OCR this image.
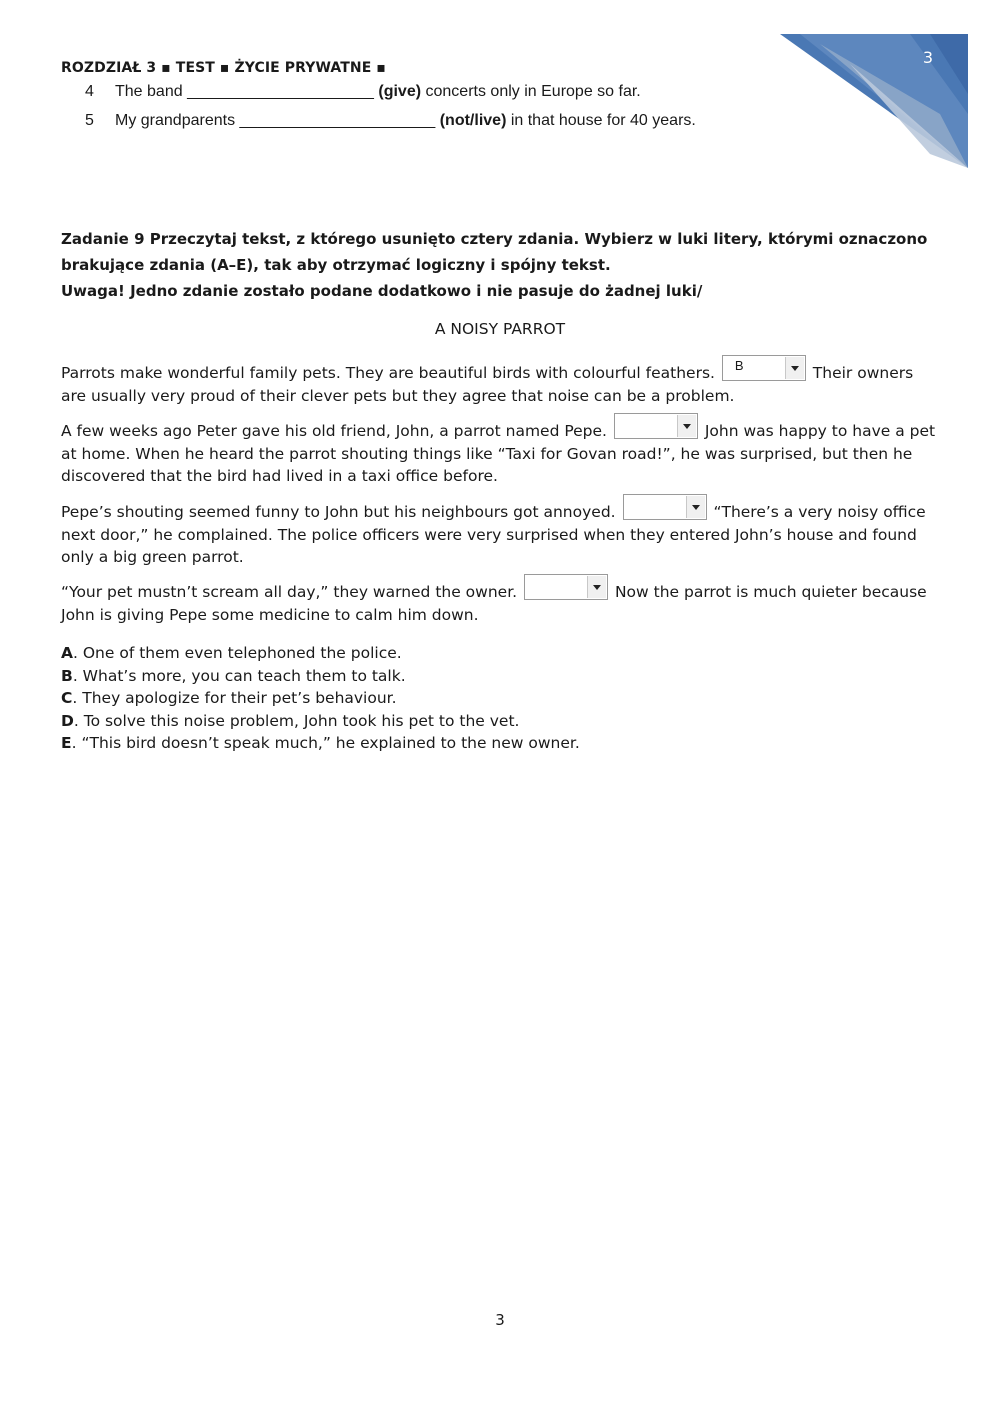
3
ROZDZIAŁ 3 ▪ TEST ▪ ŻYCIE PRYWATNE ▪
4 The band _____________________ (give) concerts only in Europe so far.
5 My grandparents ______________________ (not/live) in that house for 40 years.
Zadanie 9 Przeczytaj tekst, z którego usunięto cztery zdania. Wybierz w luki litery, którymi oznaczono brakujące zdania (A–E), tak aby otrzymać logiczny i spójny tekst.
Uwaga! Jedno zdanie zostało podane dodatkowo i nie pasuje do żadnej luki/
A NOISY PARROT
Parrots make wonderful family pets. They are beautiful birds with colourful feathers. B	Their owners are usually very proud of their clever pets but they agree that noise can be a problem.
A few weeks ago Peter gave his old friend, John, a parrot named Pepe.	John was happy to have a pet at home. When he heard the parrot shouting things like “Taxi for Govan road!”, he was surprised, but then he discovered that the bird had lived in a taxi office before.
Pepe’s shouting seemed funny to John but his neighbours got annoyed.	“There’s a very noisy office next door,” he complained. The police officers were very surprised when they entered John’s house and found only a big green parrot.
“Your pet mustn’t scream all day,” they warned the owner.	Now the parrot is much quieter because John is giving Pepe some medicine to calm him down.
A. One of them even telephoned the police.
B. What’s more, you can teach them to talk.
C. They apologize for their pet’s behaviour.
D. To solve this noise problem, John took his pet to the vet.
E. “This bird doesn’t speak much,” he explained to the new owner.
3
